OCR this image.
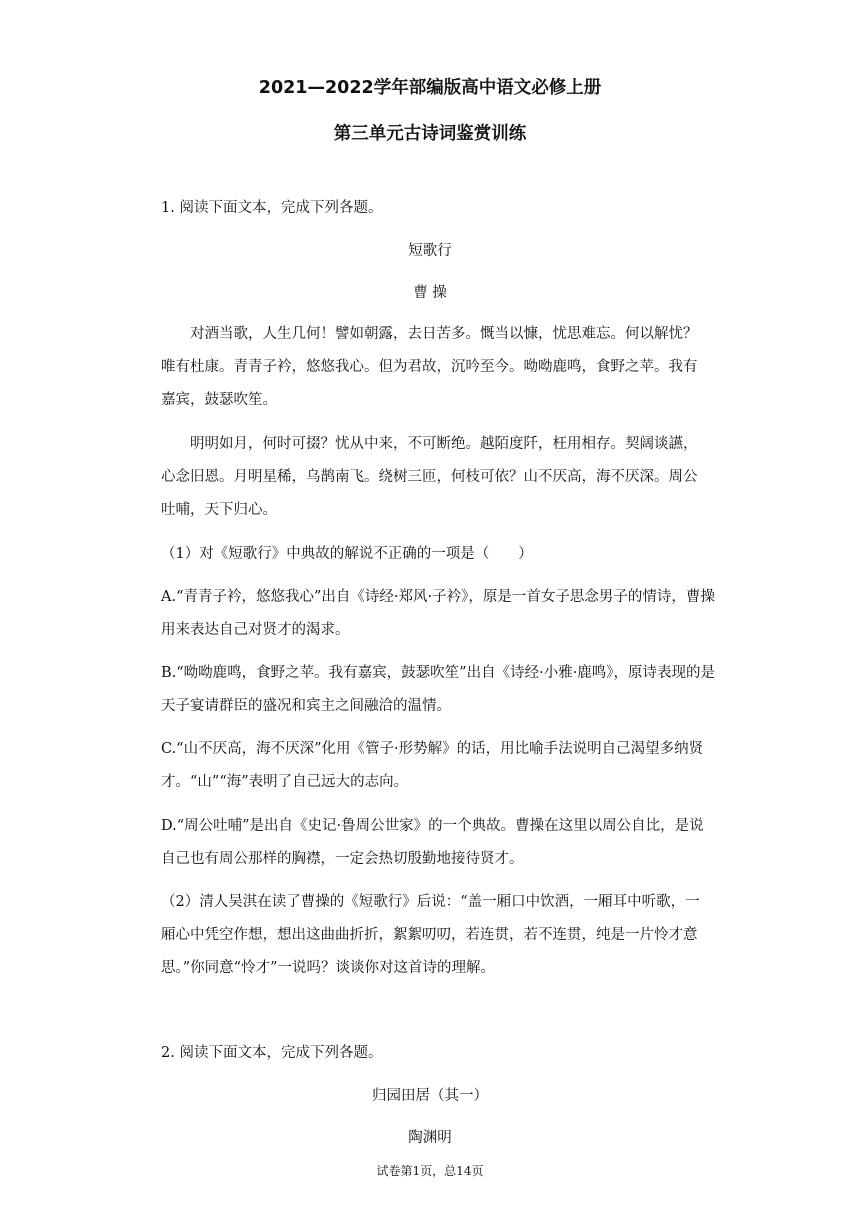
2021—2022学年部编版高中语文必修上册
第三单元古诗词鉴赏训练
1. 阅读下面文本，完成下列各题。
短歌行
曹 操
对酒当歌，人生几何！譬如朝露，去日苦多。慨当以慷，忧思难忘。何以解忧？
唯有杜康。青青子衿，悠悠我心。但为君故，沉吟至今。呦呦鹿鸣，食野之苹。我有
嘉宾，鼓瑟吹笙。
明明如月，何时可掇？忧从中来，不可断绝。越陌度阡，枉用相存。契阔谈讌，
心念旧恩。月明星稀，乌鹊南飞。绕树三匝，何枝可依？山不厌高，海不厌深。周公
吐哺，天下归心。
（1）对《短歌行》中典故的解说不正确的一项是（　　）
A.“青青子衿，悠悠我心”出自《诗经·郑风·子衿》，原是一首女子思念男子的情诗，曹操
用来表达自己对贤才的渴求。
B.“呦呦鹿鸣，食野之苹。我有嘉宾，鼓瑟吹笙”出自《诗经·小雅·鹿鸣》，原诗表现的是
天子宴请群臣的盛况和宾主之间融洽的温情。
C.“山不厌高，海不厌深”化用《管子·形势解》的话，用比喻手法说明自己渴望多纳贤
才。“山”“海”表明了自己远大的志向。
D.“周公吐哺”是出自《史记·鲁周公世家》的一个典故。曹操在这里以周公自比，是说
自己也有周公那样的胸襟，一定会热切殷勤地接待贤才。
（2）清人吴淇在读了曹操的《短歌行》后说：“盖一厢口中饮酒，一厢耳中听歌，一
厢心中凭空作想，想出这曲曲折折，絮絮叨叨，若连贯，若不连贯，纯是一片怜才意
思。”你同意“怜才”一说吗？谈谈你对这首诗的理解。
2. 阅读下面文本，完成下列各题。
归园田居（其一）
陶渊明
试卷第1页，总14页
